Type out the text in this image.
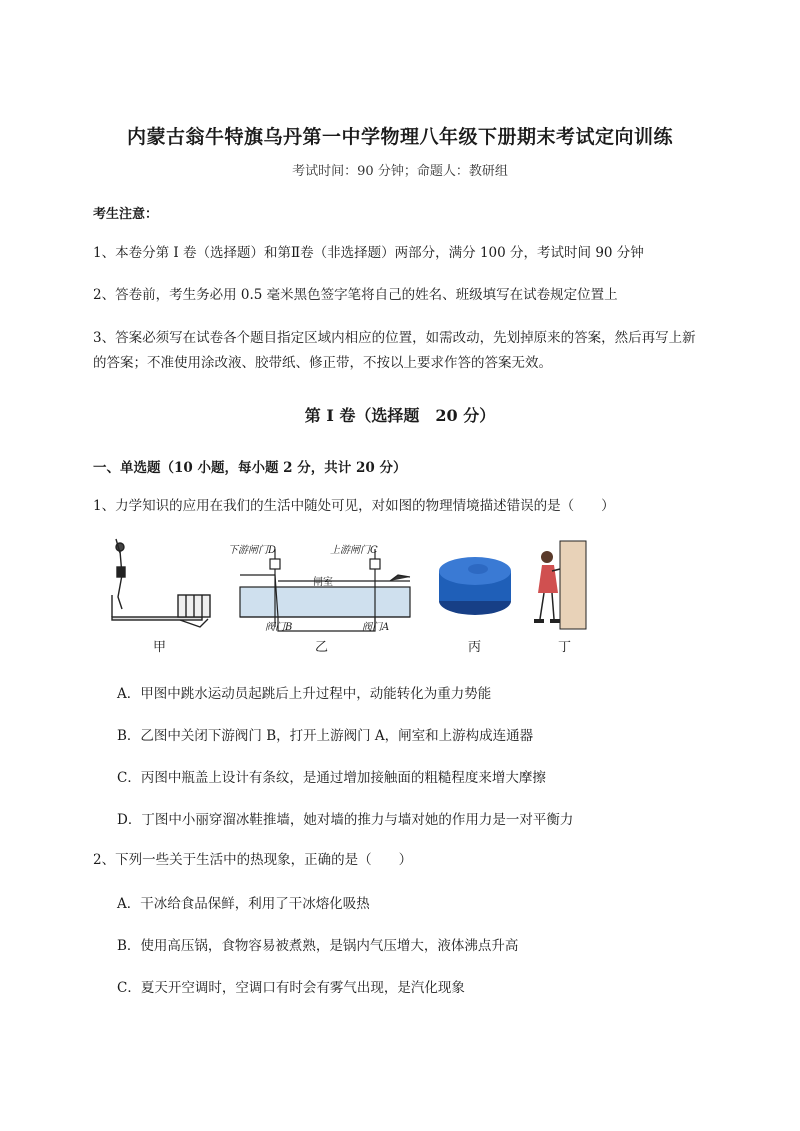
内蒙古翁牛特旗乌丹第一中学物理八年级下册期末考试定向训练
考试时间：90 分钟；命题人：教研组
考生注意：
1、本卷分第 I 卷（选择题）和第Ⅱ卷（非选择题）两部分，满分 100 分，考试时间 90 分钟
2、答卷前，考生务必用 0.5 毫米黑色签字笔将自己的姓名、班级填写在试卷规定位置上
3、答案必须写在试卷各个题目指定区域内相应的位置，如需改动，先划掉原来的答案，然后再写上新
的答案；不准使用涂改液、胶带纸、修正带，不按以上要求作答的答案无效。
第 I 卷（选择题　20 分）
一、单选题（10 小题，每小题 2 分，共计 20 分）
1、力学知识的应用在我们的生活中随处可见，对如图的物理情境描述错误的是（　　）
下游闸门D	上游闸门C
闸室
阀门B	阀门A
甲	乙	丙	丁
A．甲图中跳水运动员起跳后上升过程中，动能转化为重力势能
B．乙图中关闭下游阀门 B，打开上游阀门 A，闸室和上游构成连通器
C．丙图中瓶盖上设计有条纹，是通过增加接触面的粗糙程度来增大摩擦
D．丁图中小丽穿溜冰鞋推墙，她对墙的推力与墙对她的作用力是一对平衡力
2、下列一些关于生活中的热现象，正确的是（　　）
A．干冰给食品保鲜，利用了干冰熔化吸热
B．使用高压锅，食物容易被煮熟，是锅内气压增大，液体沸点升高
C．夏天开空调时，空调口有时会有雾气出现，是汽化现象
